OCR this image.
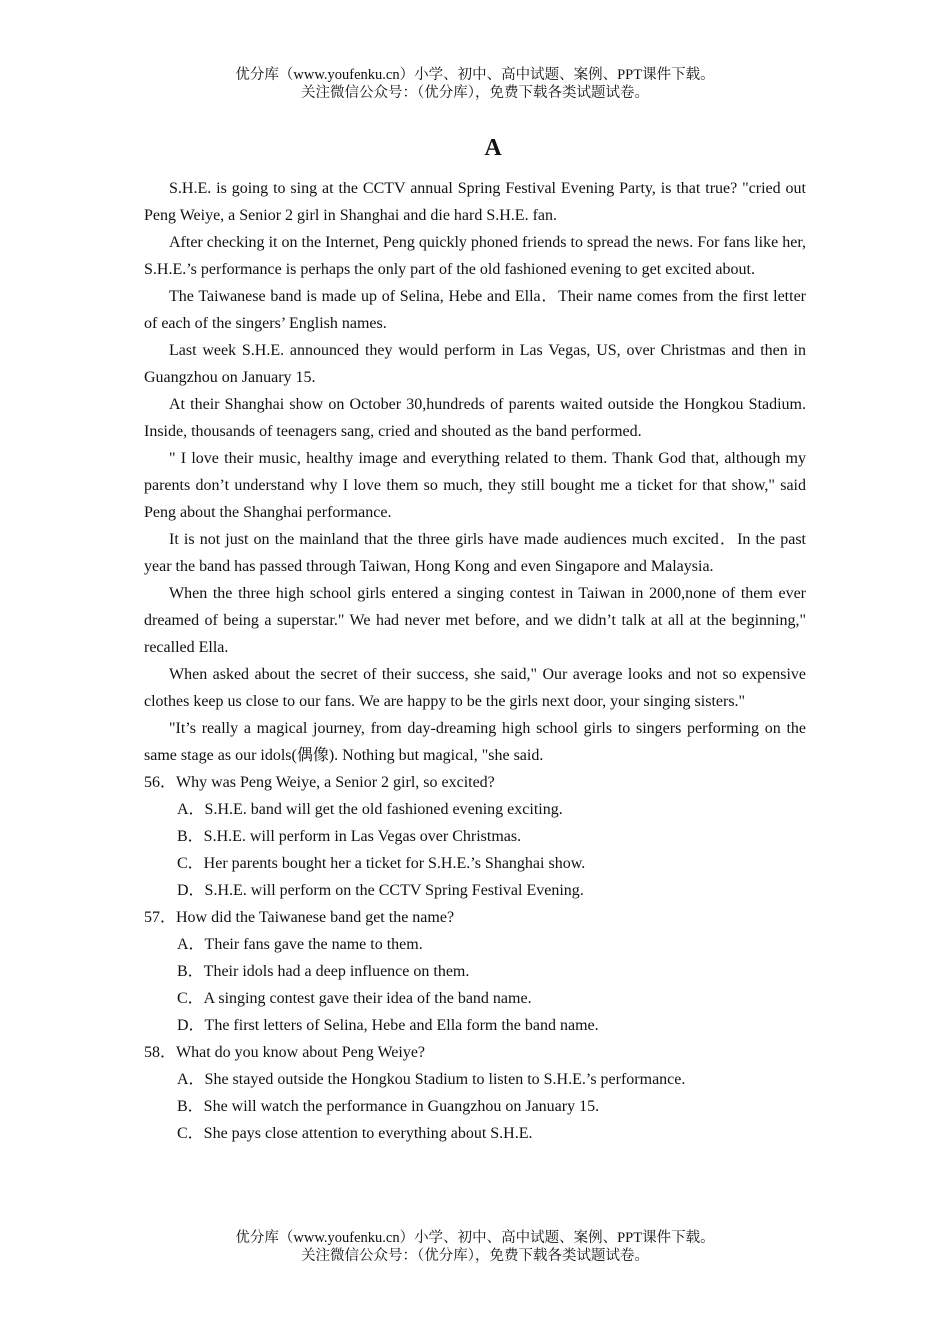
优分库（www.youfenku.cn）小学、初中、高中试题、案例、PPT课件下载。
关注微信公众号：（优分库），免费下载各类试题试卷。
A

S.H.E. is going to sing at the CCTV annual Spring Festival Evening Party, is that true? "cried out Peng Weiye, a Senior 2 girl in Shanghai and die hard S.H.E. fan.

After checking it on the Internet, Peng quickly phoned friends to spread the news. For fans like her, S.H.E.’s performance is perhaps the only part of the old fashioned evening to get excited about.

The Taiwanese band is made up of Selina, Hebe and Ella．Their name comes from the first letter of each of the singers’ English names.

Last week S.H.E. announced they would perform in Las Vegas, US, over Christmas and then in Guangzhou on January 15.

At their Shanghai show on October 30,hundreds of parents waited outside the Hongkou Stadium. Inside, thousands of teenagers sang, cried and shouted as the band performed.

" I love their music, healthy image and everything related to them. Thank God that, although my parents don’t understand why I love them so much, they still bought me a ticket for that show," said Peng about the Shanghai performance.

It is not just on the mainland that the three girls have made audiences much excited．In the past year the band has passed through Taiwan, Hong Kong and even Singapore and Malaysia.

When the three high school girls entered a singing contest in Taiwan in 2000,none of them ever dreamed of being a superstar." We had never met before, and we didn’t talk at all at the beginning," recalled Ella.

When asked about the secret of their success, she said," Our average looks and not so expensive clothes keep us close to our fans. We are happy to be the girls next door, your singing sisters."

"It’s really a magical journey, from day-dreaming high school girls to singers performing on the same stage as our idols(偶像). Nothing but magical, "she said.

56．Why was Peng Weiye, a Senior 2 girl, so excited?
A．S.H.E. band will get the old fashioned evening exciting.
B．S.H.E. will perform in Las Vegas over Christmas.
C．Her parents bought her a ticket for S.H.E.’s Shanghai show.
D．S.H.E. will perform on the CCTV Spring Festival Evening.
57．How did the Taiwanese band get the name?
A．Their fans gave the name to them.
B．Their idols had a deep influence on them.
C．A singing contest gave their idea of the band name.
D．The first letters of Selina, Hebe and Ella form the band name.
58．What do you know about Peng Weiye?
A．She stayed outside the Hongkou Stadium to listen to S.H.E.’s performance.
B．She will watch the performance in Guangzhou on January 15.
C．She pays close attention to everything about S.H.E.
优分库（www.youfenku.cn）小学、初中、高中试题、案例、PPT课件下载。
关注微信公众号：（优分库），免费下载各类试题试卷。
